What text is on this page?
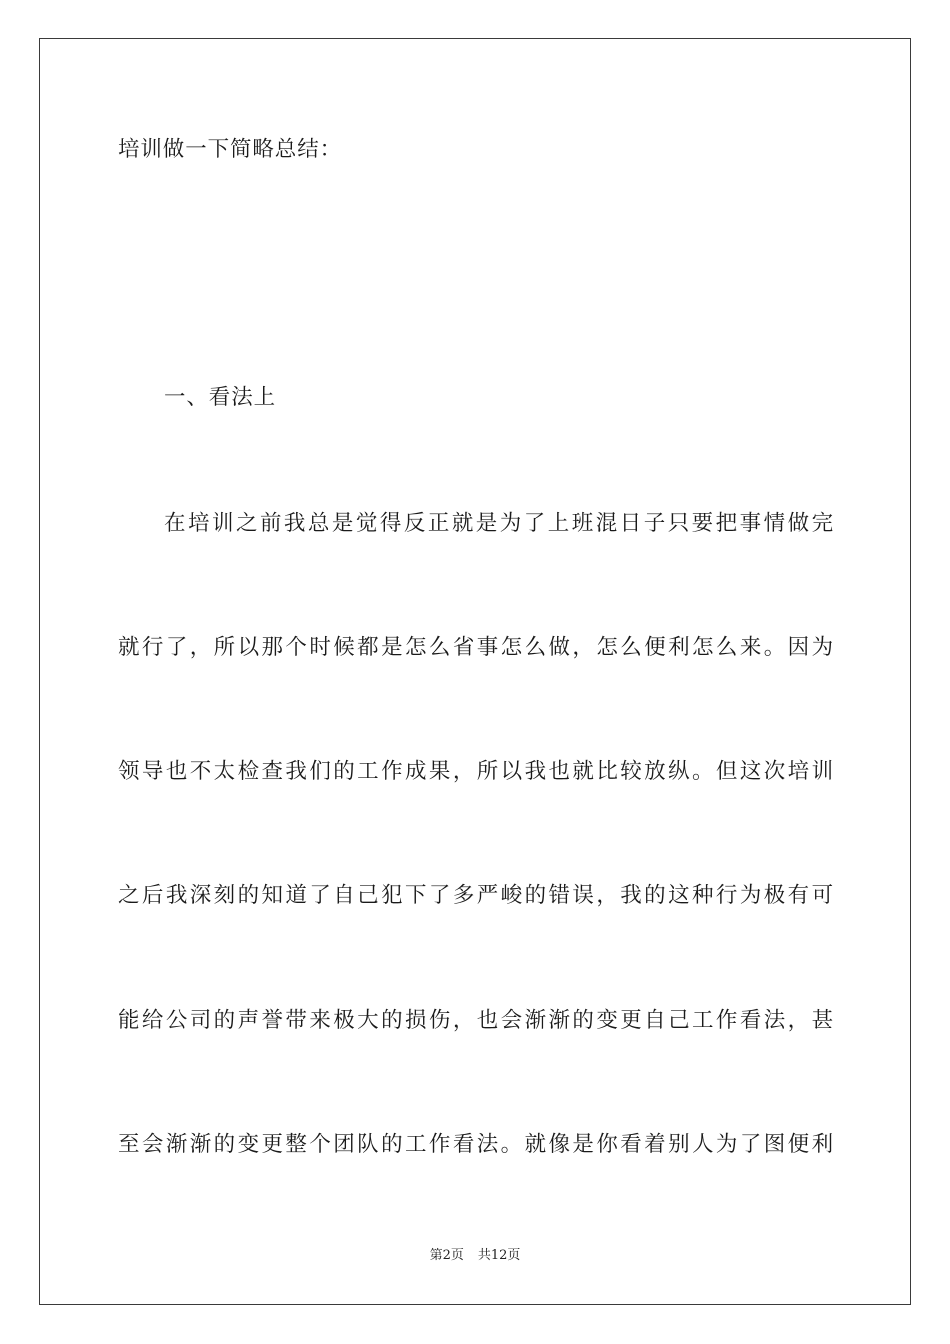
培训做一下简略总结：
一、看法上
在培训之前我总是觉得反正就是为了上班混日子只要把事情做完
就行了，所以那个时候都是怎么省事怎么做，怎么便利怎么来。因为
领导也不太检查我们的工作成果，所以我也就比较放纵。但这次培训
之后我深刻的知道了自己犯下了多严峻的错误，我的这种行为极有可
能给公司的声誉带来极大的损伤，也会渐渐的变更自己工作看法，甚
至会渐渐的变更整个团队的工作看法。就像是你看着别人为了图便利
第2页 共12页
